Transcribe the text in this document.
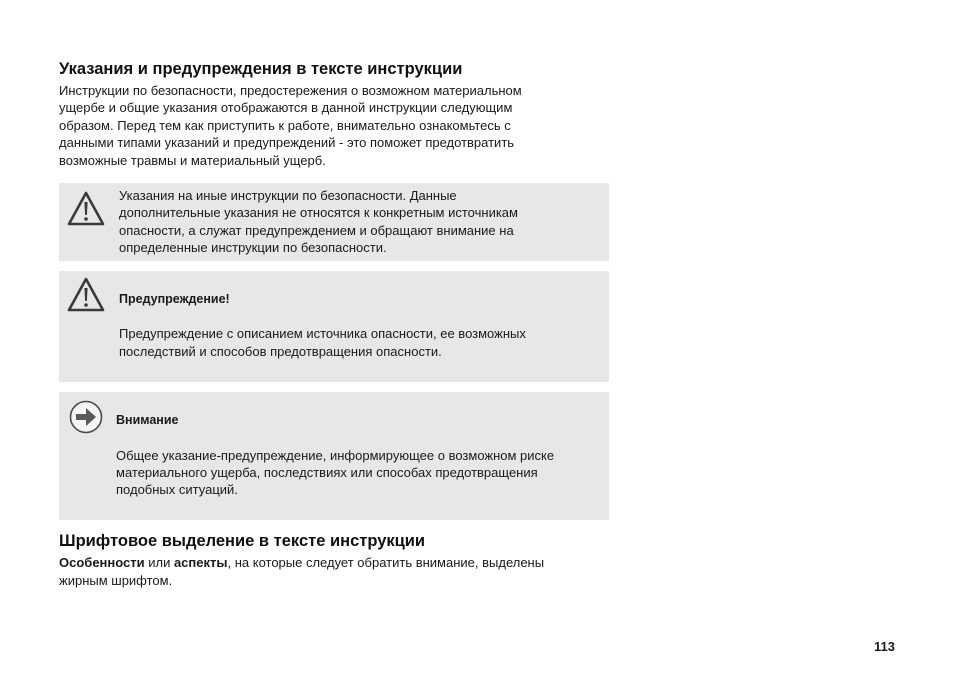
Указания и предупреждения в тексте инструкции

Инструкции по безопасности, предостережения о возможном материальном
ущербе и общие указания отображаются в данной инструкции следующим
образом. Перед тем как приступить к работе, внимательно ознакомьтесь с
данными типами указаний и предупреждений - это поможет предотвратить
возможные травмы и материальный ущерб.

Указания на иные инструкции по безопасности. Данные
дополнительные указания не относятся к конкретным источникам
опасности, а служат предупреждением и обращают внимание на
определенные инструкции по безопасности.

Предупреждение!

Предупреждение с описанием источника опасности, ее возможных
последствий и способов предотвращения опасности.

Внимание

Общее указание-предупреждение, информирующее о возможном риске
материального ущерба, последствиях или способах предотвращения
подобных ситуаций.

Шрифтовое выделение в тексте инструкции

Особенности или аспекты, на которые следует обратить внимание, выделены
жирным шрифтом.

113
